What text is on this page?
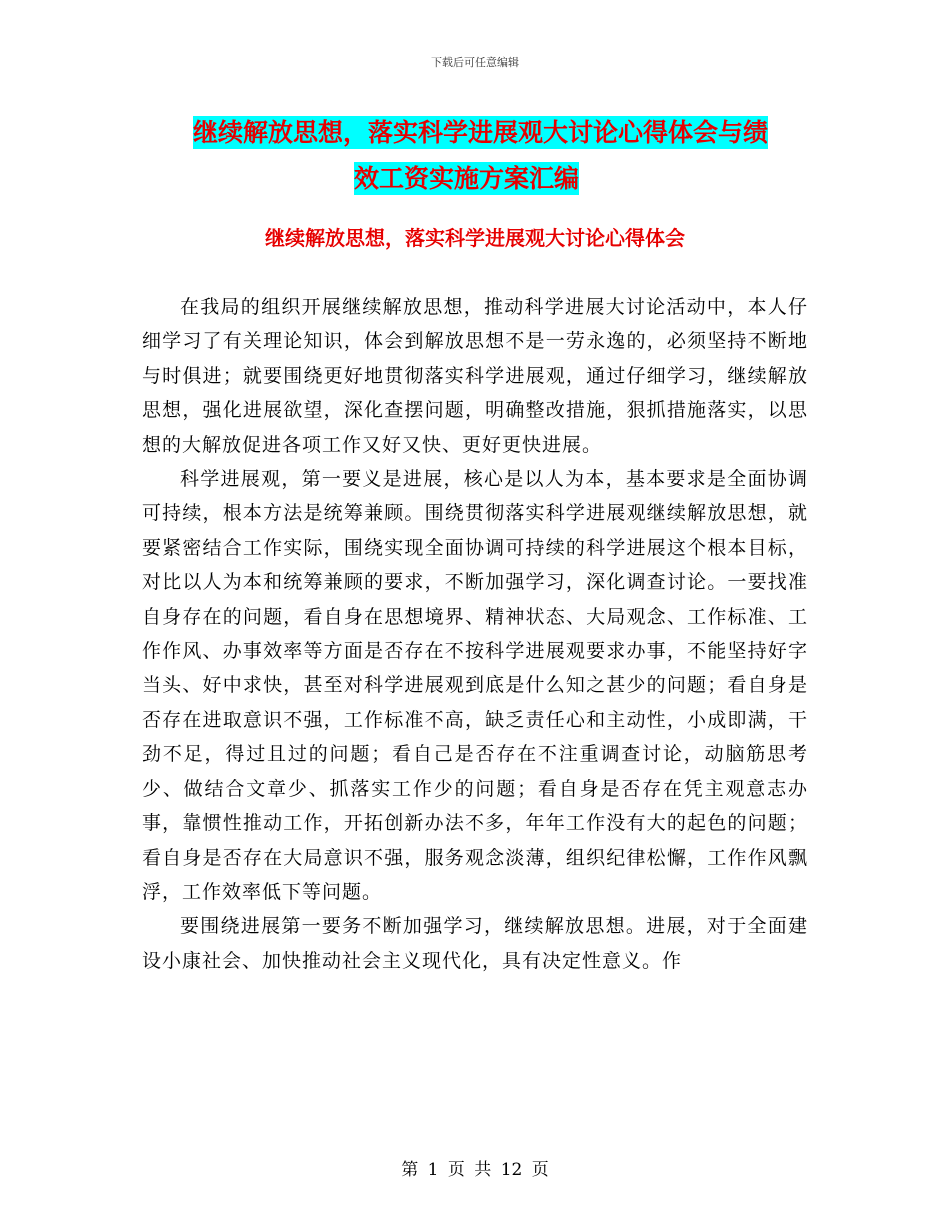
下载后可任意编辑
继续解放思想，落实科学进展观大讨论心得体会与绩
效工资实施方案汇编
继续解放思想，落实科学进展观大讨论心得体会

在我局的组织开展继续解放思想，推动科学进展大讨论活动中，本人仔细学习了有关理论知识，体会到解放思想不是一劳永逸的，必须坚持不断地与时俱进；就要围绕更好地贯彻落实科学进展观，通过仔细学习，继续解放思想，强化进展欲望，深化查摆问题，明确整改措施，狠抓措施落实，以思想的大解放促进各项工作又好又快、更好更快进展。

科学进展观，第一要义是进展，核心是以人为本，基本要求是全面协调可持续，根本方法是统筹兼顾。围绕贯彻落实科学进展观继续解放思想，就要紧密结合工作实际，围绕实现全面协调可持续的科学进展这个根本目标，对比以人为本和统筹兼顾的要求，不断加强学习，深化调查讨论。一要找准自身存在的问题，看自身在思想境界、精神状态、大局观念、工作标准、工作作风、办事效率等方面是否存在不按科学进展观要求办事，不能坚持好字当头、好中求快，甚至对科学进展观到底是什么知之甚少的问题；看自身是否存在进取意识不强，工作标准不高，缺乏责任心和主动性，小成即满，干劲不足，得过且过的问题；看自己是否存在不注重调查讨论，动脑筋思考少、做结合文章少、抓落实工作少的问题；看自身是否存在凭主观意志办事，靠惯性推动工作，开拓创新办法不多，年年工作没有大的起色的问题；看自身是否存在大局意识不强，服务观念淡薄，组织纪律松懈，工作作风飘浮，工作效率低下等问题。

要围绕进展第一要务不断加强学习，继续解放思想。进展，对于全面建设小康社会、加快推动社会主义现代化，具有决定性意义。作

第 1 页 共 12 页
